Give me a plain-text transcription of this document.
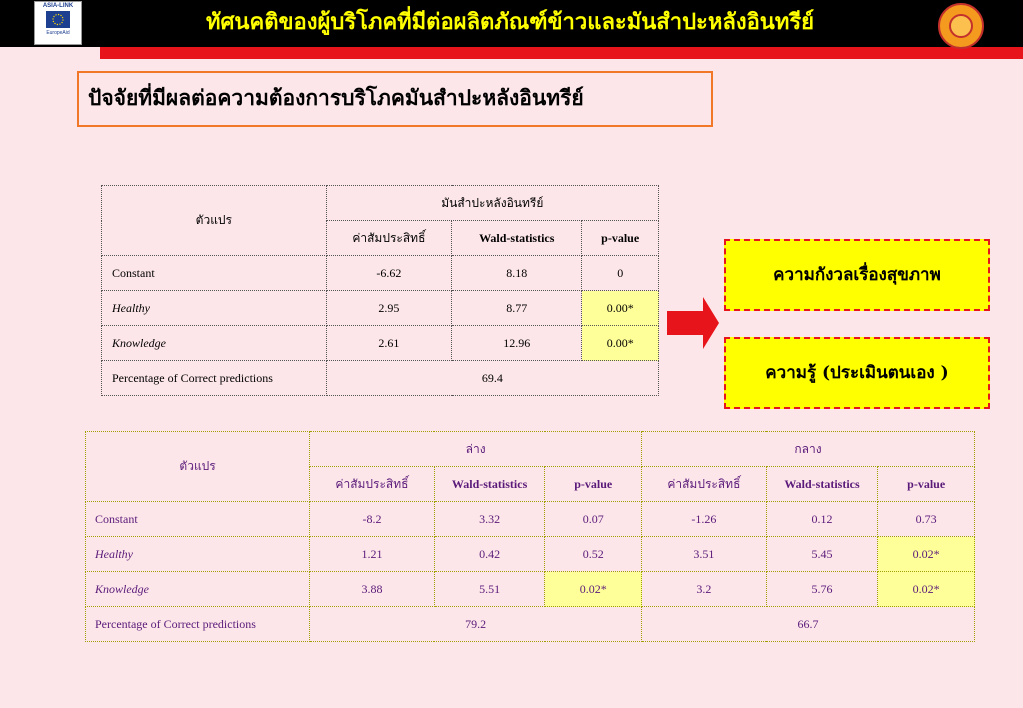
ASIA-LINK
EuropeAid	ทัศนคติของผู้บริโภคที่มีต่อผลิตภัณฑ์ข้าวและมันสำปะหลังอินทรีย์
ปัจจัยที่มีผลต่อความต้องการบริโภคมันสำปะหลังอินทรีย์
ตัวแปร	มันสำปะหลังอินทรีย์		
	ค่าสัมประสิทธิ์	Wald-statistics	p-value
Constant	-6.62	8.18	0
Healthy	2.95	8.77	0.00*
Knowledge	2.61	12.96	0.00*
Percentage of Correct predictions	69.4		
ความกังวลเรื่องสุขภาพ
ความรู้ (ประเมินตนเอง )
ตัวแปร	ล่าง			กลาง		
	ค่าสัมประสิทธิ์	Wald-statistics	p-value	ค่าสัมประสิทธิ์	Wald-statistics	p-value
Constant	-8.2	3.32	0.07	-1.26	0.12	0.73
Healthy	1.21	0.42	0.52	3.51	5.45	0.02*
Knowledge	3.88	5.51	0.02*	3.2	5.76	0.02*
Percentage of Correct predictions	79.2			66.7		
